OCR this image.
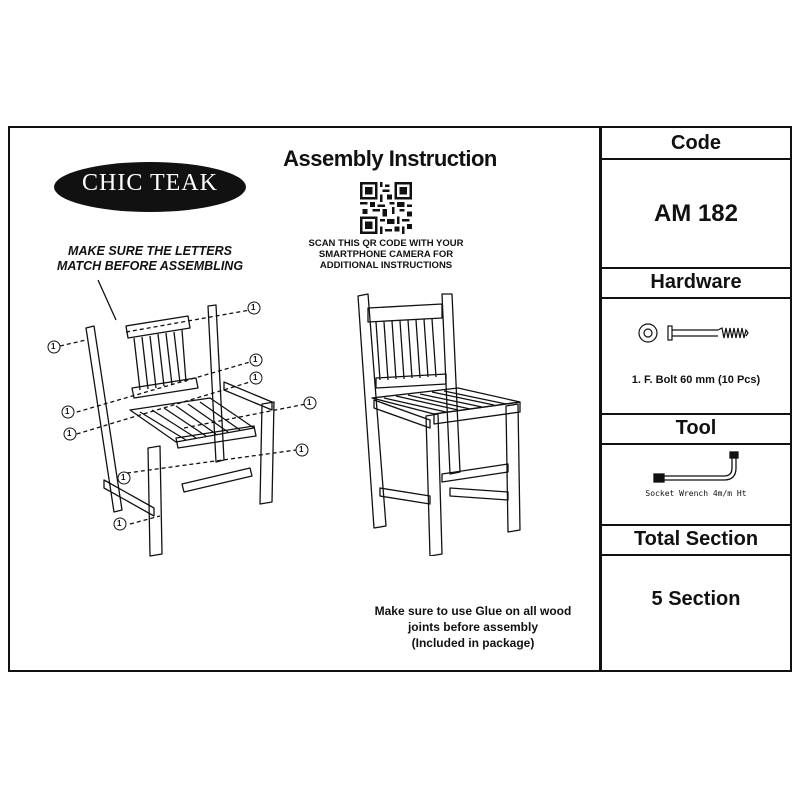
CHIC TEAK
Assembly Instruction
SCAN THIS QR CODE WITH YOUR
SMARTPHONE CAMERA FOR
ADDITIONAL INSTRUCTIONS
MAKE SURE THE LETTERS
MATCH BEFORE ASSEMBLING
1
1
1
1
1
1
1
1
1
1
Make sure to use Glue on all wood
joints before assembly
(Included in package)
Code
AM 182
Hardware
1. F. Bolt 60 mm (10 Pcs)
Tool
Socket Wrench 4m/m Ht
Total Section
5 Section
